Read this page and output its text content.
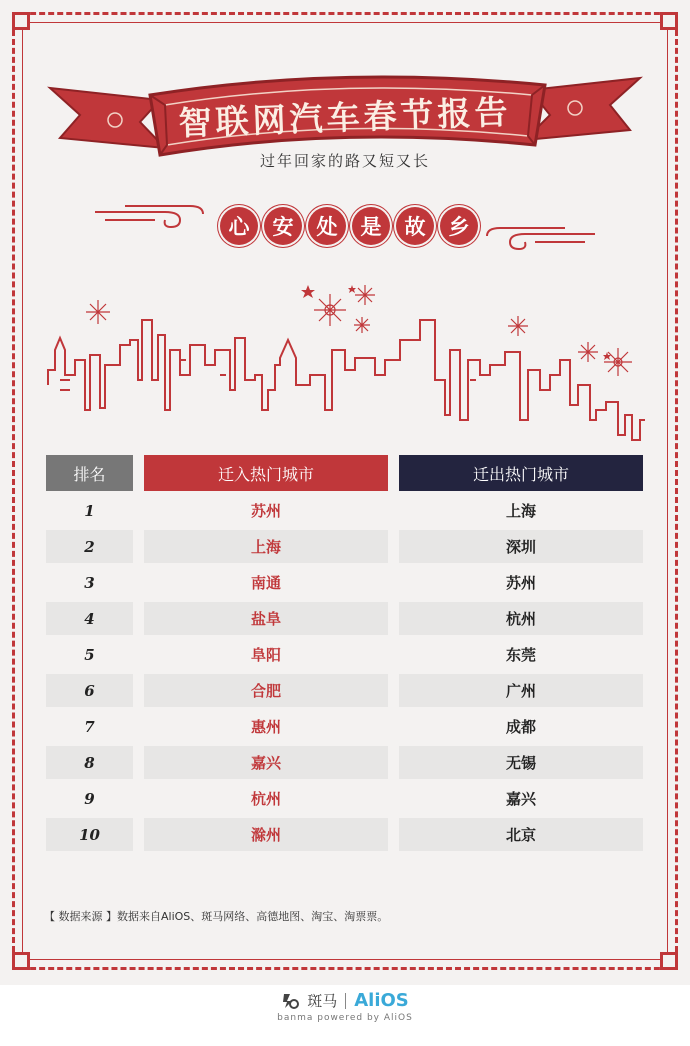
智联网汽车春节报告
过年回家的路又短又长
心	安	处	是	故	乡
排名	迁入热门城市	迁出热门城市
1	苏州	上海
2	上海	深圳
3	南通	苏州
4	盐阜	杭州
5	阜阳	东莞
6	合肥	广州
7	惠州	成都
8	嘉兴	无锡
9	杭州	嘉兴
10	滁州	北京
【 数据来源 】数据来自AliOS、斑马网络、高德地图、淘宝、淘票票。
斑马 AliOS
banma powered by AliOS
